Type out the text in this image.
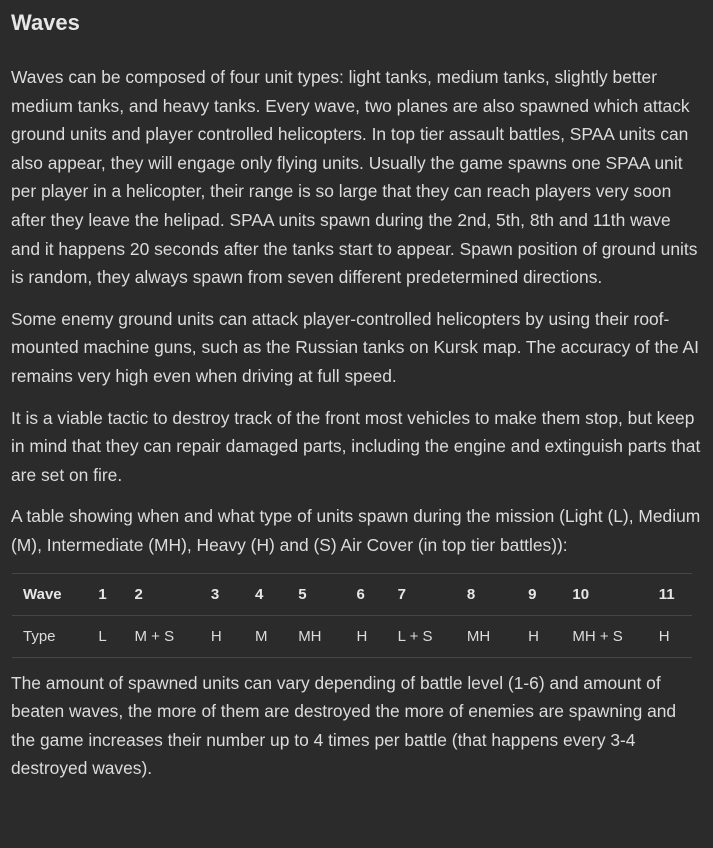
Waves

Waves can be composed of four unit types: light tanks, medium tanks, slightly better medium tanks, and heavy tanks. Every wave, two planes are also spawned which attack ground units and player controlled helicopters. In top tier assault battles, SPAA units can also appear, they will engage only flying units. Usually the game spawns one SPAA unit per player in a helicopter, their range is so large that they can reach players very soon after they leave the helipad. SPAA units spawn during the 2nd, 5th, 8th and 11th wave and it happens 20 seconds after the tanks start to appear. Spawn position of ground units is random, they always spawn from seven different predetermined directions.

Some enemy ground units can attack player-controlled helicopters by using their roof-mounted machine guns, such as the Russian tanks on Kursk map. The accuracy of the AI remains very high even when driving at full speed.

It is a viable tactic to destroy track of the front most vehicles to make them stop, but keep in mind that they can repair damaged parts, including the engine and extinguish parts that are set on fire.

A table showing when and what type of units spawn during the mission (Light (L), Medium (M), Intermediate (MH), Heavy (H) and (S) Air Cover (in top tier battles)):

Wave	1	2	3	4	5	6	7	8	9	10	11
Type	L	M + S	H	M	MH	H	L + S	MH	H	MH + S	H

The amount of spawned units can vary depending of battle level (1-6) and amount of beaten waves, the more of them are destroyed the more of enemies are spawning and the game increases their number up to 4 times per battle (that happens every 3-4 destroyed waves).
